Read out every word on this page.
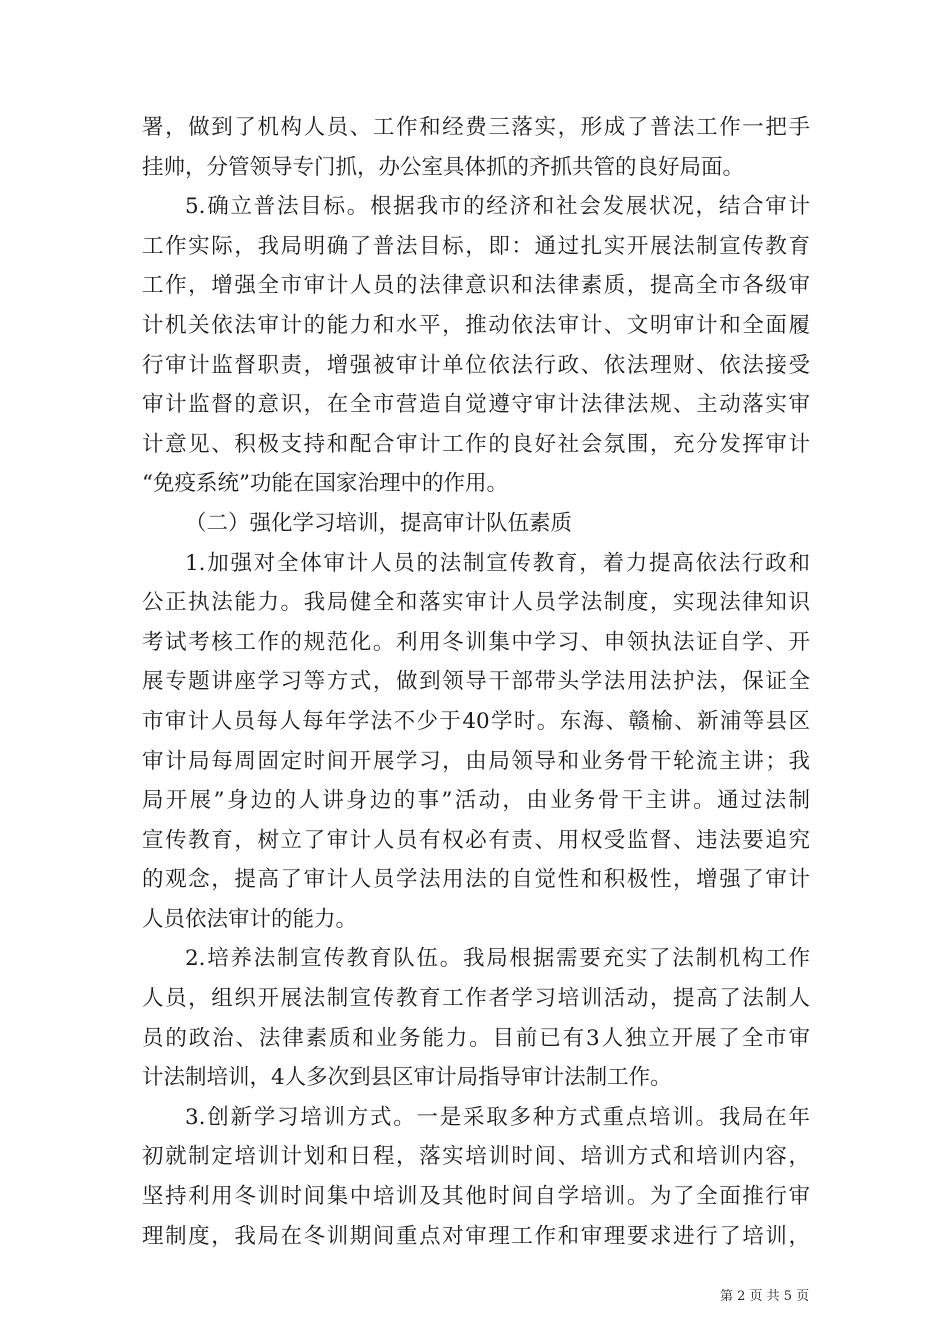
署，做到了机构人员、工作和经费三落实，形成了普法工作一把手
挂帅，分管领导专门抓，办公室具体抓的齐抓共管的良好局面。
5.确立普法目标。根据我市的经济和社会发展状况，结合审计
工作实际，我局明确了普法目标，即：通过扎实开展法制宣传教育
工作，增强全市审计人员的法律意识和法律素质，提高全市各级审
计机关依法审计的能力和水平，推动依法审计、文明审计和全面履
行审计监督职责，增强被审计单位依法行政、依法理财、依法接受
审计监督的意识，在全市营造自觉遵守审计法律法规、主动落实审
计意见、积极支持和配合审计工作的良好社会氛围，充分发挥审计
“免疫系统”功能在国家治理中的作用。
（二）强化学习培训，提高审计队伍素质
1.加强对全体审计人员的法制宣传教育，着力提高依法行政和
公正执法能力。我局健全和落实审计人员学法制度，实现法律知识
考试考核工作的规范化。利用冬训集中学习、申领执法证自学、开
展专题讲座学习等方式，做到领导干部带头学法用法护法，保证全
市审计人员每人每年学法不少于40学时。东海、赣榆、新浦等县区
审计局每周固定时间开展学习，由局领导和业务骨干轮流主讲；我
局开展”身边的人讲身边的事”活动，由业务骨干主讲。通过法制
宣传教育，树立了审计人员有权必有责、用权受监督、违法要追究
的观念，提高了审计人员学法用法的自觉性和积极性，增强了审计
人员依法审计的能力。
2.培养法制宣传教育队伍。我局根据需要充实了法制机构工作
人员，组织开展法制宣传教育工作者学习培训活动，提高了法制人
员的政治、法律素质和业务能力。目前已有3人独立开展了全市审
计法制培训，4人多次到县区审计局指导审计法制工作。
3.创新学习培训方式。一是采取多种方式重点培训。我局在年
初就制定培训计划和日程，落实培训时间、培训方式和培训内容，
坚持利用冬训时间集中培训及其他时间自学培训。为了全面推行审
理制度，我局在冬训期间重点对审理工作和审理要求进行了培训，
第 2 页 共 5 页
